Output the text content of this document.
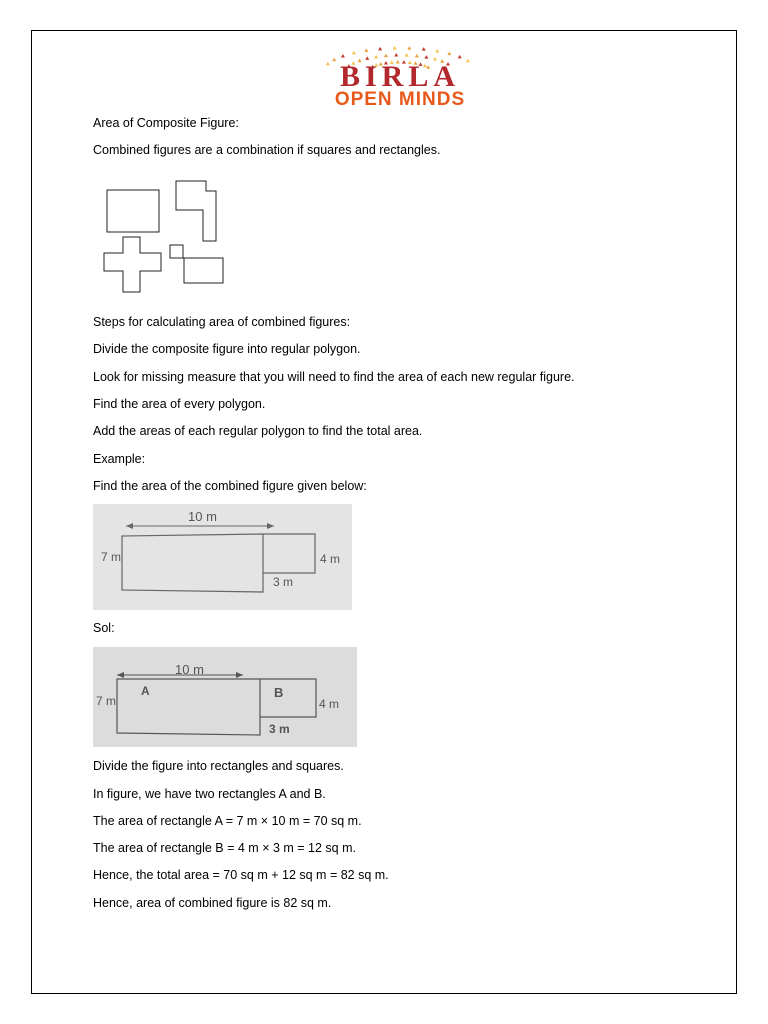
BIRLA
OPEN MINDS
Area of Composite Figure:
Combined figures are a combination if squares and rectangles.
Steps for calculating area of combined figures:
Divide the composite figure into regular polygon.
Look for missing measure that you will need to find the area of each new regular figure.
Find the area of every polygon.
Add the areas of each regular polygon to find the total area.
Example:
Find the area of the combined figure given below:
10 m
7 m	4 m
3 m
Sol:
10 m
7 m
A	B
4 m
3 m
Divide the figure into rectangles and squares.
In figure, we have two rectangles A and B.
The area of rectangle A = 7 m × 10 m = 70 sq m.
The area of rectangle B = 4 m × 3 m = 12 sq m.
Hence, the total area = 70 sq m + 12 sq m = 82 sq m.
Hence, area of combined figure is 82 sq m.
